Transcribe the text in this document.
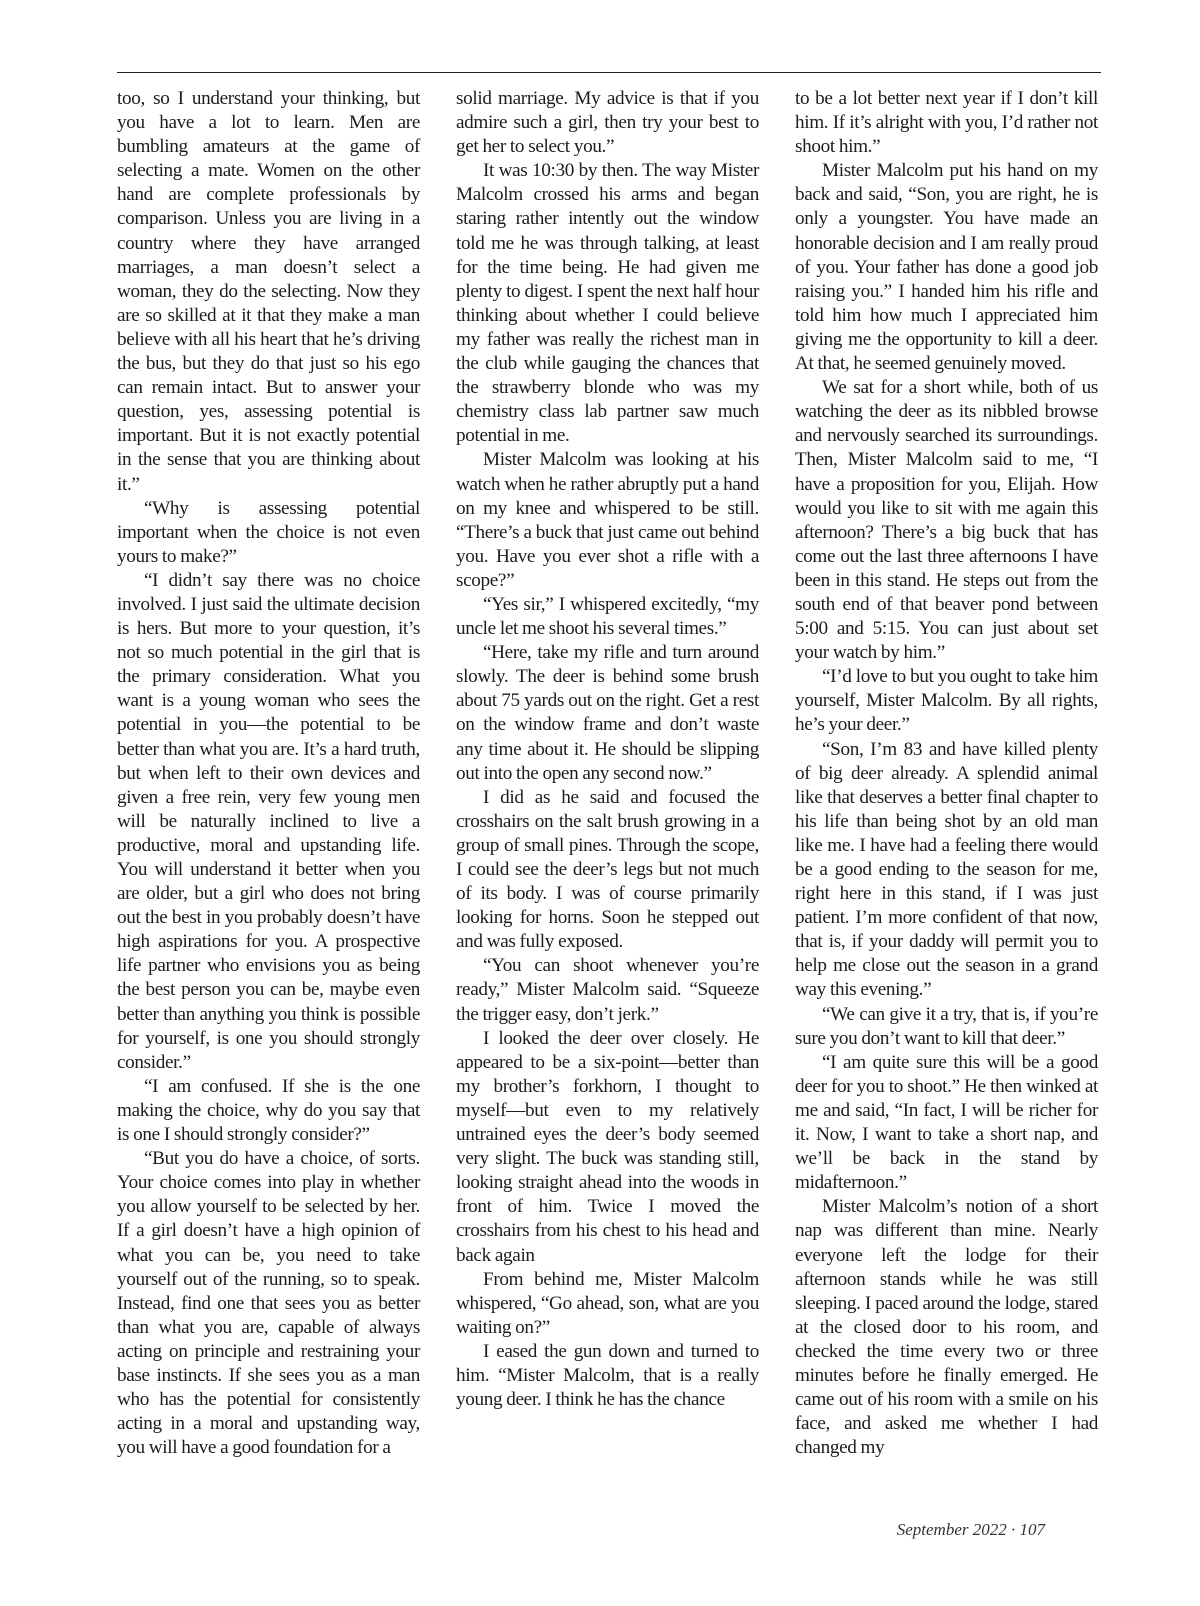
too, so I understand your thinking, but you have a lot to learn. Men are bumbling amateurs at the game of selecting a mate. Women on the other hand are complete professionals by comparison. Unless you are living in a country where they have arranged marriages, a man doesn’t select a woman, they do the selecting. Now they are so skilled at it that they make a man believe with all his heart that he’s driving the bus, but they do that just so his ego can remain intact. But to answer your question, yes, assessing potential is important. But it is not exactly potential in the sense that you are thinking about it.”

“Why is assessing potential important when the choice is not even yours to make?”

“I didn’t say there was no choice involved. I just said the ultimate decision is hers. But more to your question, it’s not so much potential in the girl that is the primary consideration. What you want is a young woman who sees the potential in you—the potential to be better than what you are. It’s a hard truth, but when left to their own devices and given a free rein, very few young men will be naturally inclined to live a productive, moral and upstanding life. You will understand it better when you are older, but a girl who does not bring out the best in you probably doesn’t have high aspirations for you. A prospective life partner who envisions you as being the best person you can be, maybe even better than anything you think is possible for yourself, is one you should strongly consider.”

“I am confused. If she is the one making the choice, why do you say that is one I should strongly consider?”

“But you do have a choice, of sorts. Your choice comes into play in whether you allow yourself to be selected by her. If a girl doesn’t have a high opinion of what you can be, you need to take yourself out of the running, so to speak. Instead, find one that sees you as better than what you are, capable of always acting on principle and restraining your base instincts. If she sees you as a man who has the potential for consistently acting in a moral and upstanding way, you will have a good foundation for a

solid marriage. My advice is that if you admire such a girl, then try your best to get her to select you.”

It was 10:30 by then. The way Mister Malcolm crossed his arms and began staring rather intently out the window told me he was through talking, at least for the time being. He had given me plenty to digest. I spent the next half hour thinking about whether I could believe my father was really the richest man in the club while gauging the chances that the strawberry blonde who was my chemistry class lab partner saw much potential in me.

Mister Malcolm was looking at his watch when he rather abruptly put a hand on my knee and whispered to be still. “There’s a buck that just came out behind you. Have you ever shot a rifle with a scope?”

“Yes sir,” I whispered excitedly, “my uncle let me shoot his several times.”

“Here, take my rifle and turn around slowly. The deer is behind some brush about 75 yards out on the right. Get a rest on the window frame and don’t waste any time about it. He should be slipping out into the open any second now.”

I did as he said and focused the crosshairs on the salt brush growing in a group of small pines. Through the scope, I could see the deer’s legs but not much of its body. I was of course primarily looking for horns. Soon he stepped out and was fully exposed.

“You can shoot whenever you’re ready,” Mister Malcolm said. “Squeeze the trigger easy, don’t jerk.”

I looked the deer over closely. He appeared to be a six-point—better than my brother’s forkhorn, I thought to myself—but even to my relatively untrained eyes the deer’s body seemed very slight. The buck was standing still, looking straight ahead into the woods in front of him. Twice I moved the crosshairs from his chest to his head and back again

From behind me, Mister Malcolm whispered, “Go ahead, son, what are you waiting on?”

I eased the gun down and turned to him. “Mister Malcolm, that is a really young deer. I think he has the chance

to be a lot better next year if I don’t kill him. If it’s alright with you, I’d rather not shoot him.”

Mister Malcolm put his hand on my back and said, “Son, you are right, he is only a youngster. You have made an honorable decision and I am really proud of you. Your father has done a good job raising you.” I handed him his rifle and told him how much I appreciated him giving me the opportunity to kill a deer. At that, he seemed genuinely moved.

We sat for a short while, both of us watching the deer as its nibbled browse and nervously searched its surroundings. Then, Mister Malcolm said to me, “I have a proposition for you, Elijah. How would you like to sit with me again this afternoon? There’s a big buck that has come out the last three afternoons I have been in this stand. He steps out from the south end of that beaver pond between 5:00 and 5:15. You can just about set your watch by him.”

“I’d love to but you ought to take him yourself, Mister Malcolm. By all rights, he’s your deer.”

“Son, I’m 83 and have killed plenty of big deer already. A splendid animal like that deserves a better final chapter to his life than being shot by an old man like me. I have had a feeling there would be a good ending to the season for me, right here in this stand, if I was just patient. I’m more confident of that now, that is, if your daddy will permit you to help me close out the season in a grand way this evening.”

“We can give it a try, that is, if you’re sure you don’t want to kill that deer.”

“I am quite sure this will be a good deer for you to shoot.” He then winked at me and said, “In fact, I will be richer for it. Now, I want to take a short nap, and we’ll be back in the stand by midafternoon.”

Mister Malcolm’s notion of a short nap was different than mine. Nearly everyone left the lodge for their afternoon stands while he was still sleeping. I paced around the lodge, stared at the closed door to his room, and checked the time every two or three minutes before he finally emerged. He came out of his room with a smile on his face, and asked me whether I had changed my

September 2022 · 107
